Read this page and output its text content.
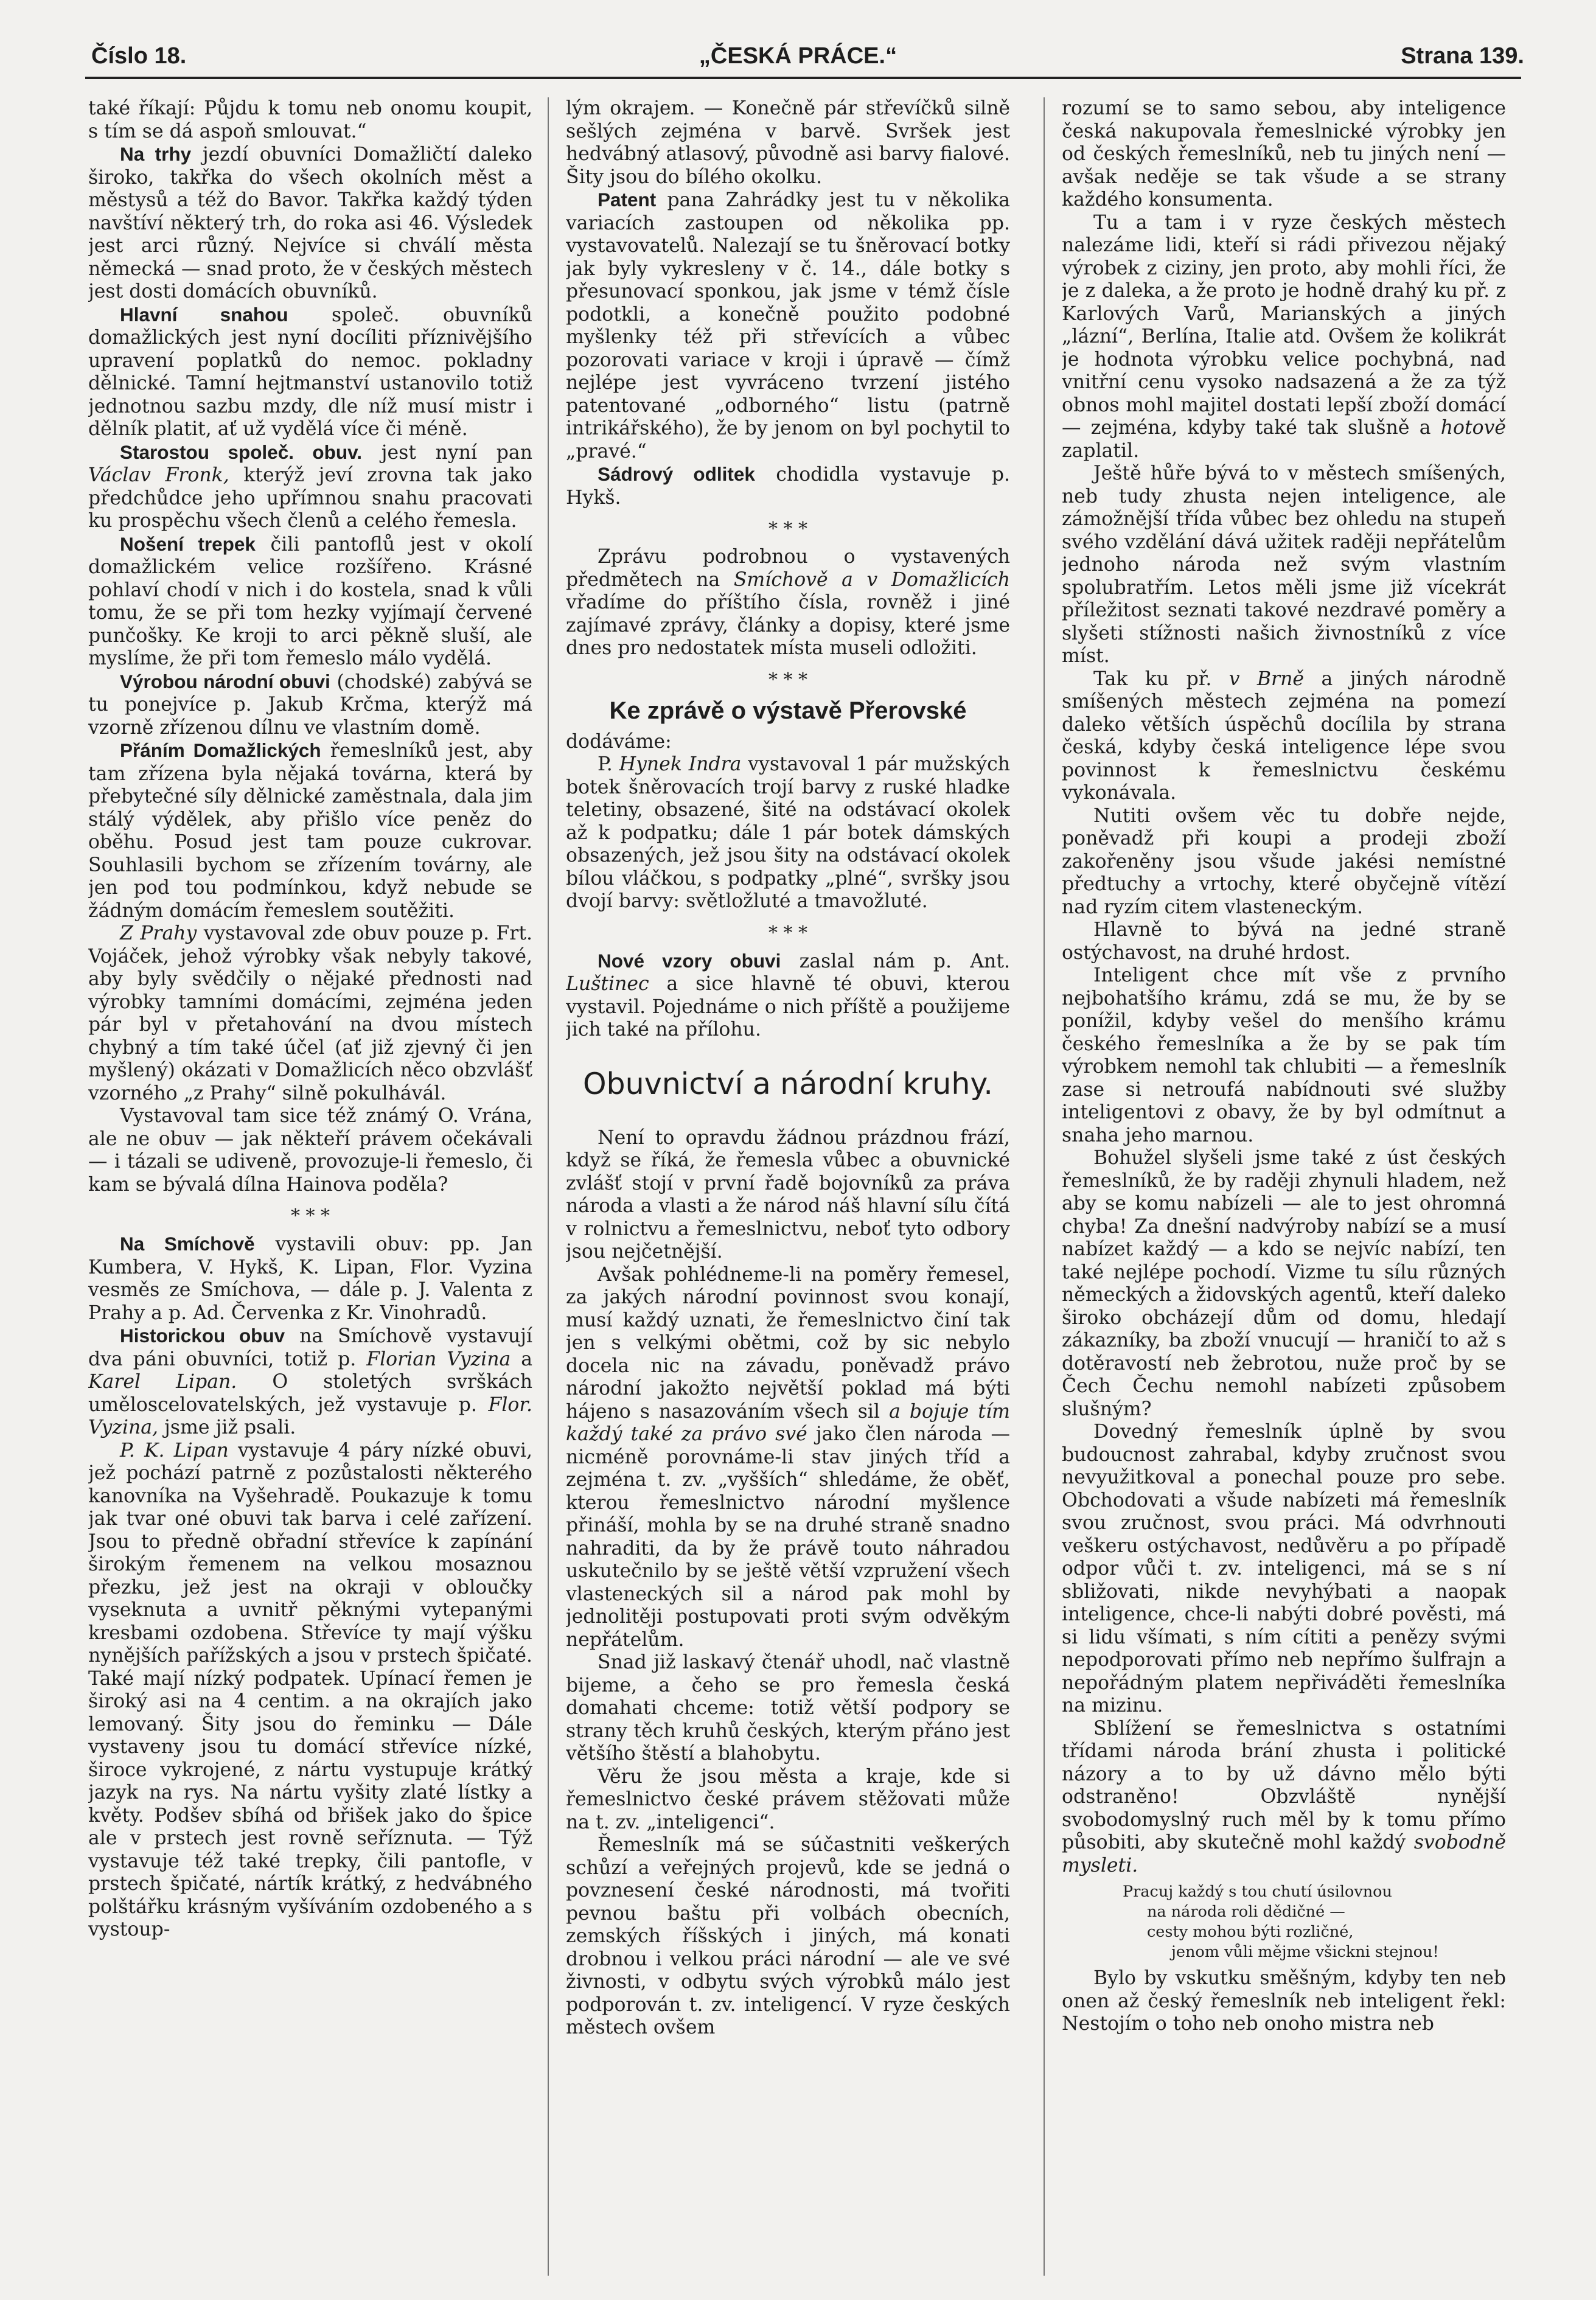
Číslo 18.	„ČESKÁ PRÁCE.“	Strana 139.

také říkají: Půjdu k tomu neb onomu koupit, s tím se dá aspoň smlouvat.“

Na trhy jezdí obuvníci Domažličtí daleko široko, takřka do všech okolních měst a městysů a též do Bavor. Takřka každý týden navštíví některý trh, do roka asi 46. Výsledek jest arci různý. Nejvíce si chválí města německá — snad proto, že v českých městech jest dosti domácích obuvníků.

Hlavní snahou společ. obuvníků domažlických jest nyní docíliti příznivějšího upravení poplatků do nemoc. pokladny dělnické. Tamní hejtmanství ustanovilo totiž jednotnou sazbu mzdy, dle níž musí mistr i dělník platit, ať už vydělá více či méně.

Starostou společ. obuv. jest nyní pan Václav Fronk, kterýž jeví zrovna tak jako předchůdce jeho upřímnou snahu pracovati ku prospěchu všech členů a celého řemesla.

Nošení trepek čili pantoflů jest v okolí domažlickém velice rozšířeno. Krásné pohlaví chodí v nich i do kostela, snad k vůli tomu, že se při tom hezky vyjímají červené punčošky. Ke kroji to arci pěkně sluší, ale myslíme, že při tom řemeslo málo vydělá.

Výrobou národní obuvi (chodské) zabývá se tu ponejvíce p. Jakub Krčma, kterýž má vzorně zřízenou dílnu ve vlastním domě.

Přáním Domažlických řemeslníků jest, aby tam zřízena byla nějaká továrna, která by přebytečné síly dělnické zaměstnala, dala jim stálý výdělek, aby přišlo více peněz do oběhu. Posud jest tam pouze cukrovar. Souhlasili bychom se zřízením továrny, ale jen pod tou podmínkou, když nebude se žádným domácím řemeslem soutěžiti.

Z Prahy vystavoval zde obuv pouze p. Frt. Vojáček, jehož výrobky však nebyly takové, aby byly svědčily o nějaké přednosti nad výrobky tamními domácími, zejména jeden pár byl v přetahování na dvou místech chybný a tím také účel (ať již zjevný či jen myšlený) okázati v Domažlicích něco obzvlášť vzorného „z Prahy“ silně pokulhávál.

Vystavoval tam sice též známý O. Vrána, ale ne obuv — jak někteří právem očekávali — i tázali se udiveně, provozuje-li řemeslo, či kam se bývalá dílna Hainova poděla?

* * *

Na Smíchově vystavili obuv: pp. Jan Kumbera, V. Hykš, K. Lipan, Flor. Vyzina vesměs ze Smíchova, — dále p. J. Valenta z Prahy a p. Ad. Červenka z Kr. Vinohradů.

Historickou obuv na Smíchově vystavují dva páni obuvníci, totiž p. Florian Vyzina a Karel Lipan. O stoletých svrškách uměloscelovatelských, jež vystavuje p. Flor. Vyzina, jsme již psali.

P. K. Lipan vystavuje 4 páry nízké obuvi, jež pochází patrně z pozůstalosti některého kanovníka na Vyšehradě. Poukazuje k tomu jak tvar oné obuvi tak barva i celé zařízení. Jsou to předně obřadní střevíce k zapínání širokým řemenem na velkou mosaznou přezku, jež jest na okraji v obloučky vyseknuta a uvnitř pěknými vytepanými kresbami ozdobena. Střevíce ty mají výšku nynějších pařížských a jsou v prstech špičaté. Také mají nízký podpatek. Upínací řemen je široký asi na 4 centim. a na okrajích jako lemovaný. Šity jsou do řeminku — Dále vystaveny jsou tu domácí střevíce nízké, široce vykrojené, z nártu vystupuje krátký jazyk na rys. Na nártu vyšity zlaté lístky a květy. Podšev sbíhá od břišek jako do špice ale v prstech jest rovně seříznuta. — Týž vystavuje též také trepky, čili pantofle, v prstech špičaté, nártík krátký, z hedvábného polštářku krásným vyšíváním ozdobeného a s vystoup-

lým okrajem. — Konečně pár střevíčků silně sešlých zejména v barvě. Svršek jest hedvábný atlasový, původně asi barvy fialové. Šity jsou do bílého okolku.

Patent pana Zahrádky jest tu v několika variacích zastoupen od několika pp. vystavovatelů. Nalezají se tu šněrovací botky jak byly vykresleny v č. 14., dále botky s přesunovací sponkou, jak jsme v témž čísle podotkli, a konečně použito podobné myšlenky též při střevících a vůbec pozorovati variace v kroji i úpravě — čímž nejlépe jest vyvráceno tvrzení jistého patentované „odborného“ listu (patrně intrikářského), že by jenom on byl pochytil to „pravé.“

Sádrový odlitek chodidla vystavuje p. Hykš.

* * *

Zprávu podrobnou o vystavených předmětech na Smíchově a v Domažlicích vřadíme do příštího čísla, rovněž i jiné zajímavé zprávy, články a dopisy, které jsme dnes pro nedostatek místa museli odložiti.

* * *
Ke zprávě o výstavě Přerovské

dodáváme:

P. Hynek Indra vystavoval 1 pár mužských botek šněrovacích trojí barvy z ruské hladke teletiny, obsazené, šité na odstávací okolek až k podpatku; dále 1 pár botek dámských obsazených, jež jsou šity na odstávací okolek bílou vláčkou, s podpatky „plné“, svršky jsou dvojí barvy: světložluté a tmavožluté.

* * *

Nové vzory obuvi zaslal nám p. Ant. Luštinec a sice hlavně té obuvi, kterou vystavil. Pojednáme o nich příště a použijeme jich také na přílohu.

Obuvnictví a národní kruhy.

Není to opravdu žádnou prázdnou frází, když se říká, že řemesla vůbec a obuvnické zvlášť stojí v první řadě bojovníků za práva národa a vlasti a že národ náš hlavní sílu čítá v rolnictvu a řemeslnictvu, neboť tyto odbory jsou nejčetnější.

Avšak pohlédneme-li na poměry řemesel, za jakých národní povinnost svou konají, musí každý uznati, že řemeslnictvo činí tak jen s velkými obětmi, což by sic nebylo docela nic na závadu, poněvadž právo národní jakožto největší poklad má býti hájeno s nasazováním všech sil a bojuje tím každý také za právo své jako člen národa — nicméně porovnáme-li stav jiných tříd a zejména t. zv. „vyšších“ shledáme, že oběť, kterou řemeslnictvo národní myšlence přináší, mohla by se na druhé straně snadno nahraditi, da by že právě touto náhradou uskutečnilo by se ještě větší vzpružení všech vlasteneckých sil a národ pak mohl by jednolitěji postupovati proti svým odvěkým nepřátelům.

Snad již laskavý čtenář uhodl, nač vlastně bijeme, a čeho se pro řemesla česká domahati chceme: totiž větší podpory se strany těch kruhů českých, kterým přáno jest většího štěstí a blahobytu.

Věru že jsou města a kraje, kde si řemeslnictvo české právem stěžovati může na t. zv. „inteligenci“.

Řemeslník má se súčastniti veškerých schůzí a veřejných projevů, kde se jedná o povznesení české národnosti, má tvořiti pevnou baštu při volbách obecních, zemských říšských i jiných, má konati drobnou i velkou práci národní — ale ve své živnosti, v odbytu svých výrobků málo jest podporován t. zv. inteligencí. V ryze českých městech ovšem

rozumí se to samo sebou, aby inteligence česká nakupovala řemeslnické výrobky jen od českých řemeslníků, neb tu jiných není — avšak neděje se tak všude a se strany každého konsumenta.

Tu a tam i v ryze českých městech nalezáme lidi, kteří si rádi přivezou nějaký výrobek z ciziny, jen proto, aby mohli říci, že je z daleka, a že proto je hodně drahý ku př. z Karlových Varů, Marianských a jiných „lázní“, Berlína, Italie atd. Ovšem že kolikrát je hodnota výrobku velice pochybná, nad vnitřní cenu vysoko nadsazená a že za týž obnos mohl majitel dostati lepší zboží domácí — zejména, kdyby také tak slušně a hotově zaplatil.

Ještě hůře bývá to v městech smíšených, neb tudy zhusta nejen inteligence, ale zámožnější třída vůbec bez ohledu na stupeň svého vzdělání dává užitek raději nepřátelům jednoho národa než svým vlastním spolubratřím. Letos měli jsme již vícekrát příležitost seznati takové nezdravé poměry a slyšeti stížnosti našich živnostníků z více míst.

Tak ku př. v Brně a jiných národně smíšených městech zejména na pomezí daleko větších úspěchů docílila by strana česká, kdyby česká inteligence lépe svou povinnost k řemeslnictvu českému vykonávala.

Nutiti ovšem věc tu dobře nejde, poněvadž při koupi a prodeji zboží zakořeněny jsou všude jakési nemístné předtuchy a vrtochy, které obyčejně vítězí nad ryzím citem vlasteneckým.

Hlavně to bývá na jedné straně ostýchavost, na druhé hrdost.

Inteligent chce mít vše z prvního nejbohatšího krámu, zdá se mu, že by se ponížil, kdyby vešel do menšího krámu českého řemeslníka a že by se pak tím výrobkem nemohl tak chlubiti — a řemeslník zase si netroufá nabídnouti své služby inteligentovi z obavy, že by byl odmítnut a snaha jeho marnou.

Bohužel slyšeli jsme také z úst českých řemeslníků, že by raději zhynuli hladem, než aby se komu nabízeli — ale to jest ohromná chyba! Za dnešní nadvýroby nabízí se a musí nabízet každý — a kdo se nejvíc nabízí, ten také nejlépe pochodí. Vizme tu sílu různých německých a židovských agentů, kteří daleko široko obcházejí dům od domu, hledají zákazníky, ba zboží vnucují — hraničí to až s dotěravostí neb žebrotou, nuže proč by se Čech Čechu nemohl nabízeti způsobem slušným?

Dovedný řemeslník úplně by svou budoucnost zahrabal, kdyby zručnost svou nevyužitkoval a ponechal pouze pro sebe. Obchodovati a všude nabízeti má řemeslník svou zručnost, svou práci. Má odvrhnouti veškeru ostýchavost, nedůvěru a po případě odpor vůči t. zv. inteligenci, má se s ní sbližovati, nikde nevyhýbati a naopak inteligence, chce-li nabýti dobré pověsti, má si lidu všímati, s ním cítiti a penězy svými nepodporovati přímo neb nepřímo šulfrajn a nepořádným platem nepřiváděti řemeslníka na mizinu.

Sblížení se řemeslnictva s ostatními třídami národa brání zhusta i politické názory a to by už dávno mělo býti odstraněno! Obzvláště nynější svobodomyslný ruch měl by k tomu přímo působiti, aby skutečně mohl každý svobodně mysleti.

Pracuj každý s tou chutí úsilovnou
na národa roli dědičné —
cesty mohou býti rozličné,
jenom vůli mějme všickni stejnou!

Bylo by vskutku směšným, kdyby ten neb onen až český řemeslník neb inteligent řekl: Nestojím o toho neb onoho mistra neb
